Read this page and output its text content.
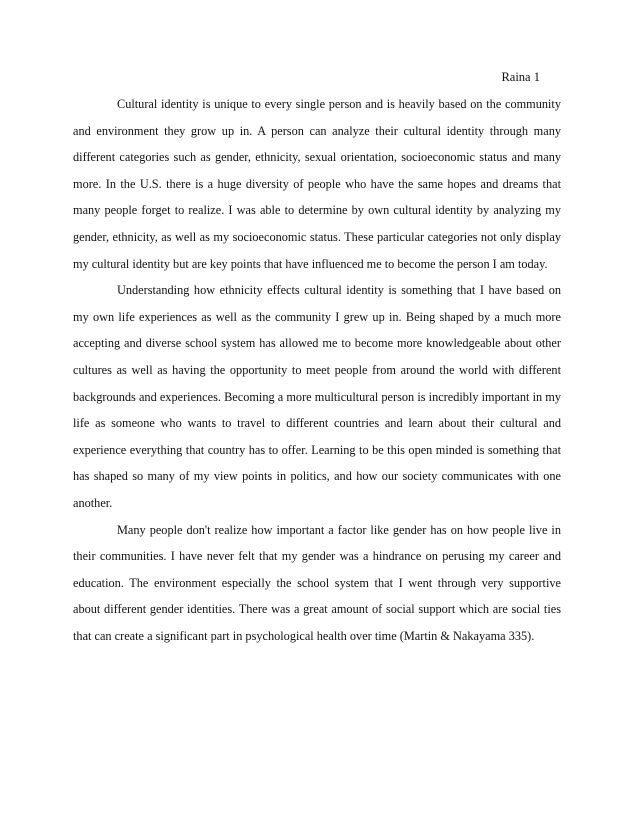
Raina 1

Cultural identity is unique to every single person and is heavily based on the community and environment they grow up in. A person can analyze their cultural identity through many different categories such as gender, ethnicity, sexual orientation, socioeconomic status and many more. In the U.S. there is a huge diversity of people who have the same hopes and dreams that many people forget to realize. I was able to determine by own cultural identity by analyzing my gender, ethnicity, as well as my socioeconomic status. These particular categories not only display my cultural identity but are key points that have influenced me to become the person I am today.

Understanding how ethnicity effects cultural identity is something that I have based on my own life experiences as well as the community I grew up in. Being shaped by a much more accepting and diverse school system has allowed me to become more knowledgeable about other cultures as well as having the opportunity to meet people from around the world with different backgrounds and experiences. Becoming a more multicultural person is incredibly important in my life as someone who wants to travel to different countries and learn about their cultural and experience everything that country has to offer. Learning to be this open minded is something that has shaped so many of my view points in politics, and how our society communicates with one another.

Many people don't realize how important a factor like gender has on how people live in their communities. I have never felt that my gender was a hindrance on perusing my career and education. The environment especially the school system that I went through very supportive about different gender identities. There was a great amount of social support which are social ties that can create a significant part in psychological health over time (Martin & Nakayama 335).
